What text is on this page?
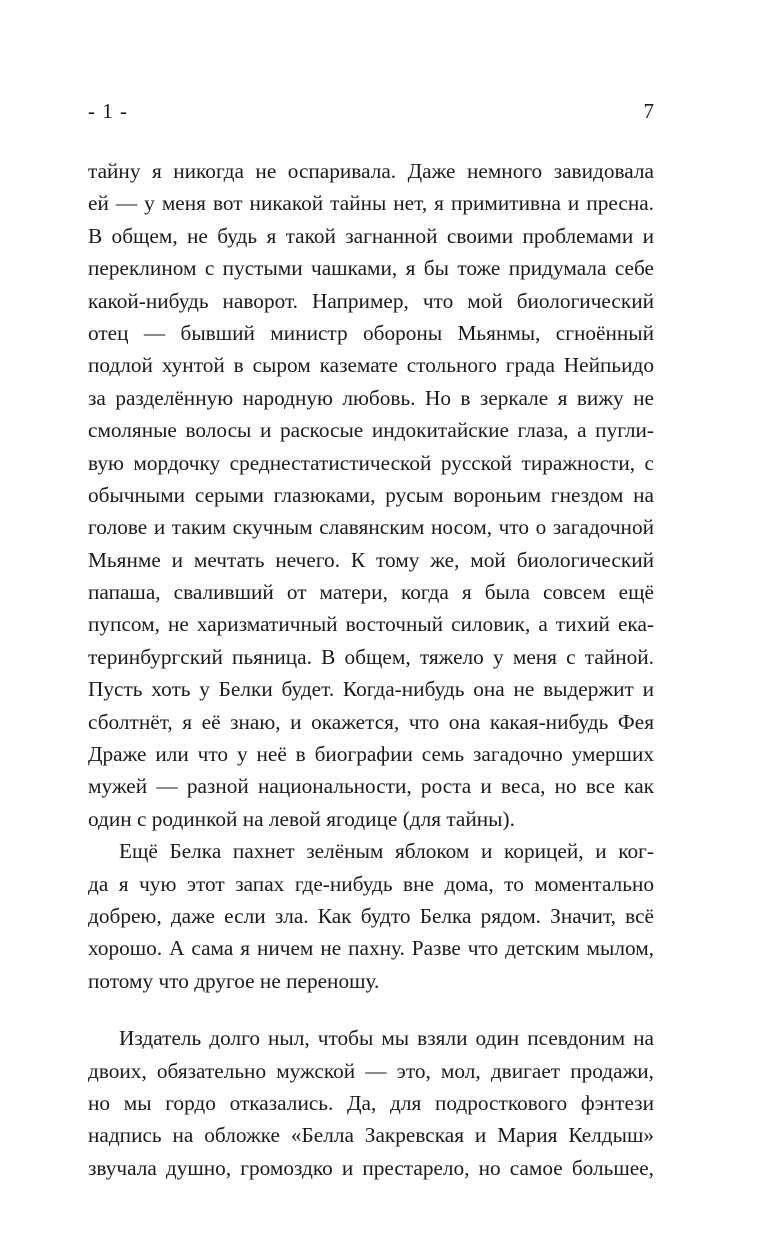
- 1 -	7
тайну я никогда не оспаривала. Даже немного завидовала
ей — у меня вот никакой тайны нет, я примитивна и пресна.
В общем, не будь я такой загнанной своими проблемами и
переклином с пустыми чашками, я бы тоже придумала себе
какой-нибудь наворот. Например, что мой биологический
отец — бывший министр обороны Мьянмы, сгноённый
подлой хунтой в сыром каземате стольного града Нейпьидо
за разделённую народную любовь. Но в зеркале я вижу не
смоляные волосы и раскосые индокитайские глаза, а пугли-
вую мордочку среднестатистической русской тиражности, с
обычными серыми глазюками, русым вороньим гнездом на
голове и таким скучным славянским носом, что о загадочной
Мьянме и мечтать нечего. К тому же, мой биологический
папаша, сваливший от матери, когда я была совсем ещё
пупсом, не харизматичный восточный силовик, а тихий ека-
теринбургский пьяница. В общем, тяжело у меня с тайной.
Пусть хоть у Белки будет. Когда-нибудь она не выдержит и
сболтнёт, я её знаю, и окажется, что она какая-нибудь Фея
Драже или что у неё в биографии семь загадочно умерших
мужей — разной национальности, роста и веса, но все как
один с родинкой на левой ягодице (для тайны).
Ещё Белка пахнет зелёным яблоком и корицей, и ког-
да я чую этот запах где-нибудь вне дома, то моментально
добрею, даже если зла. Как будто Белка рядом. Значит, всё
хорошо. А сама я ничем не пахну. Разве что детским мылом,
потому что другое не переношу.
Издатель долго ныл, чтобы мы взяли один псевдоним на
двоих, обязательно мужской — это, мол, двигает продажи,
но мы гордо отказались. Да, для подросткового фэнтези
надпись на обложке «Белла Закревская и Мария Келдыш»
звучала душно, громоздко и престарело, но самое большее,
